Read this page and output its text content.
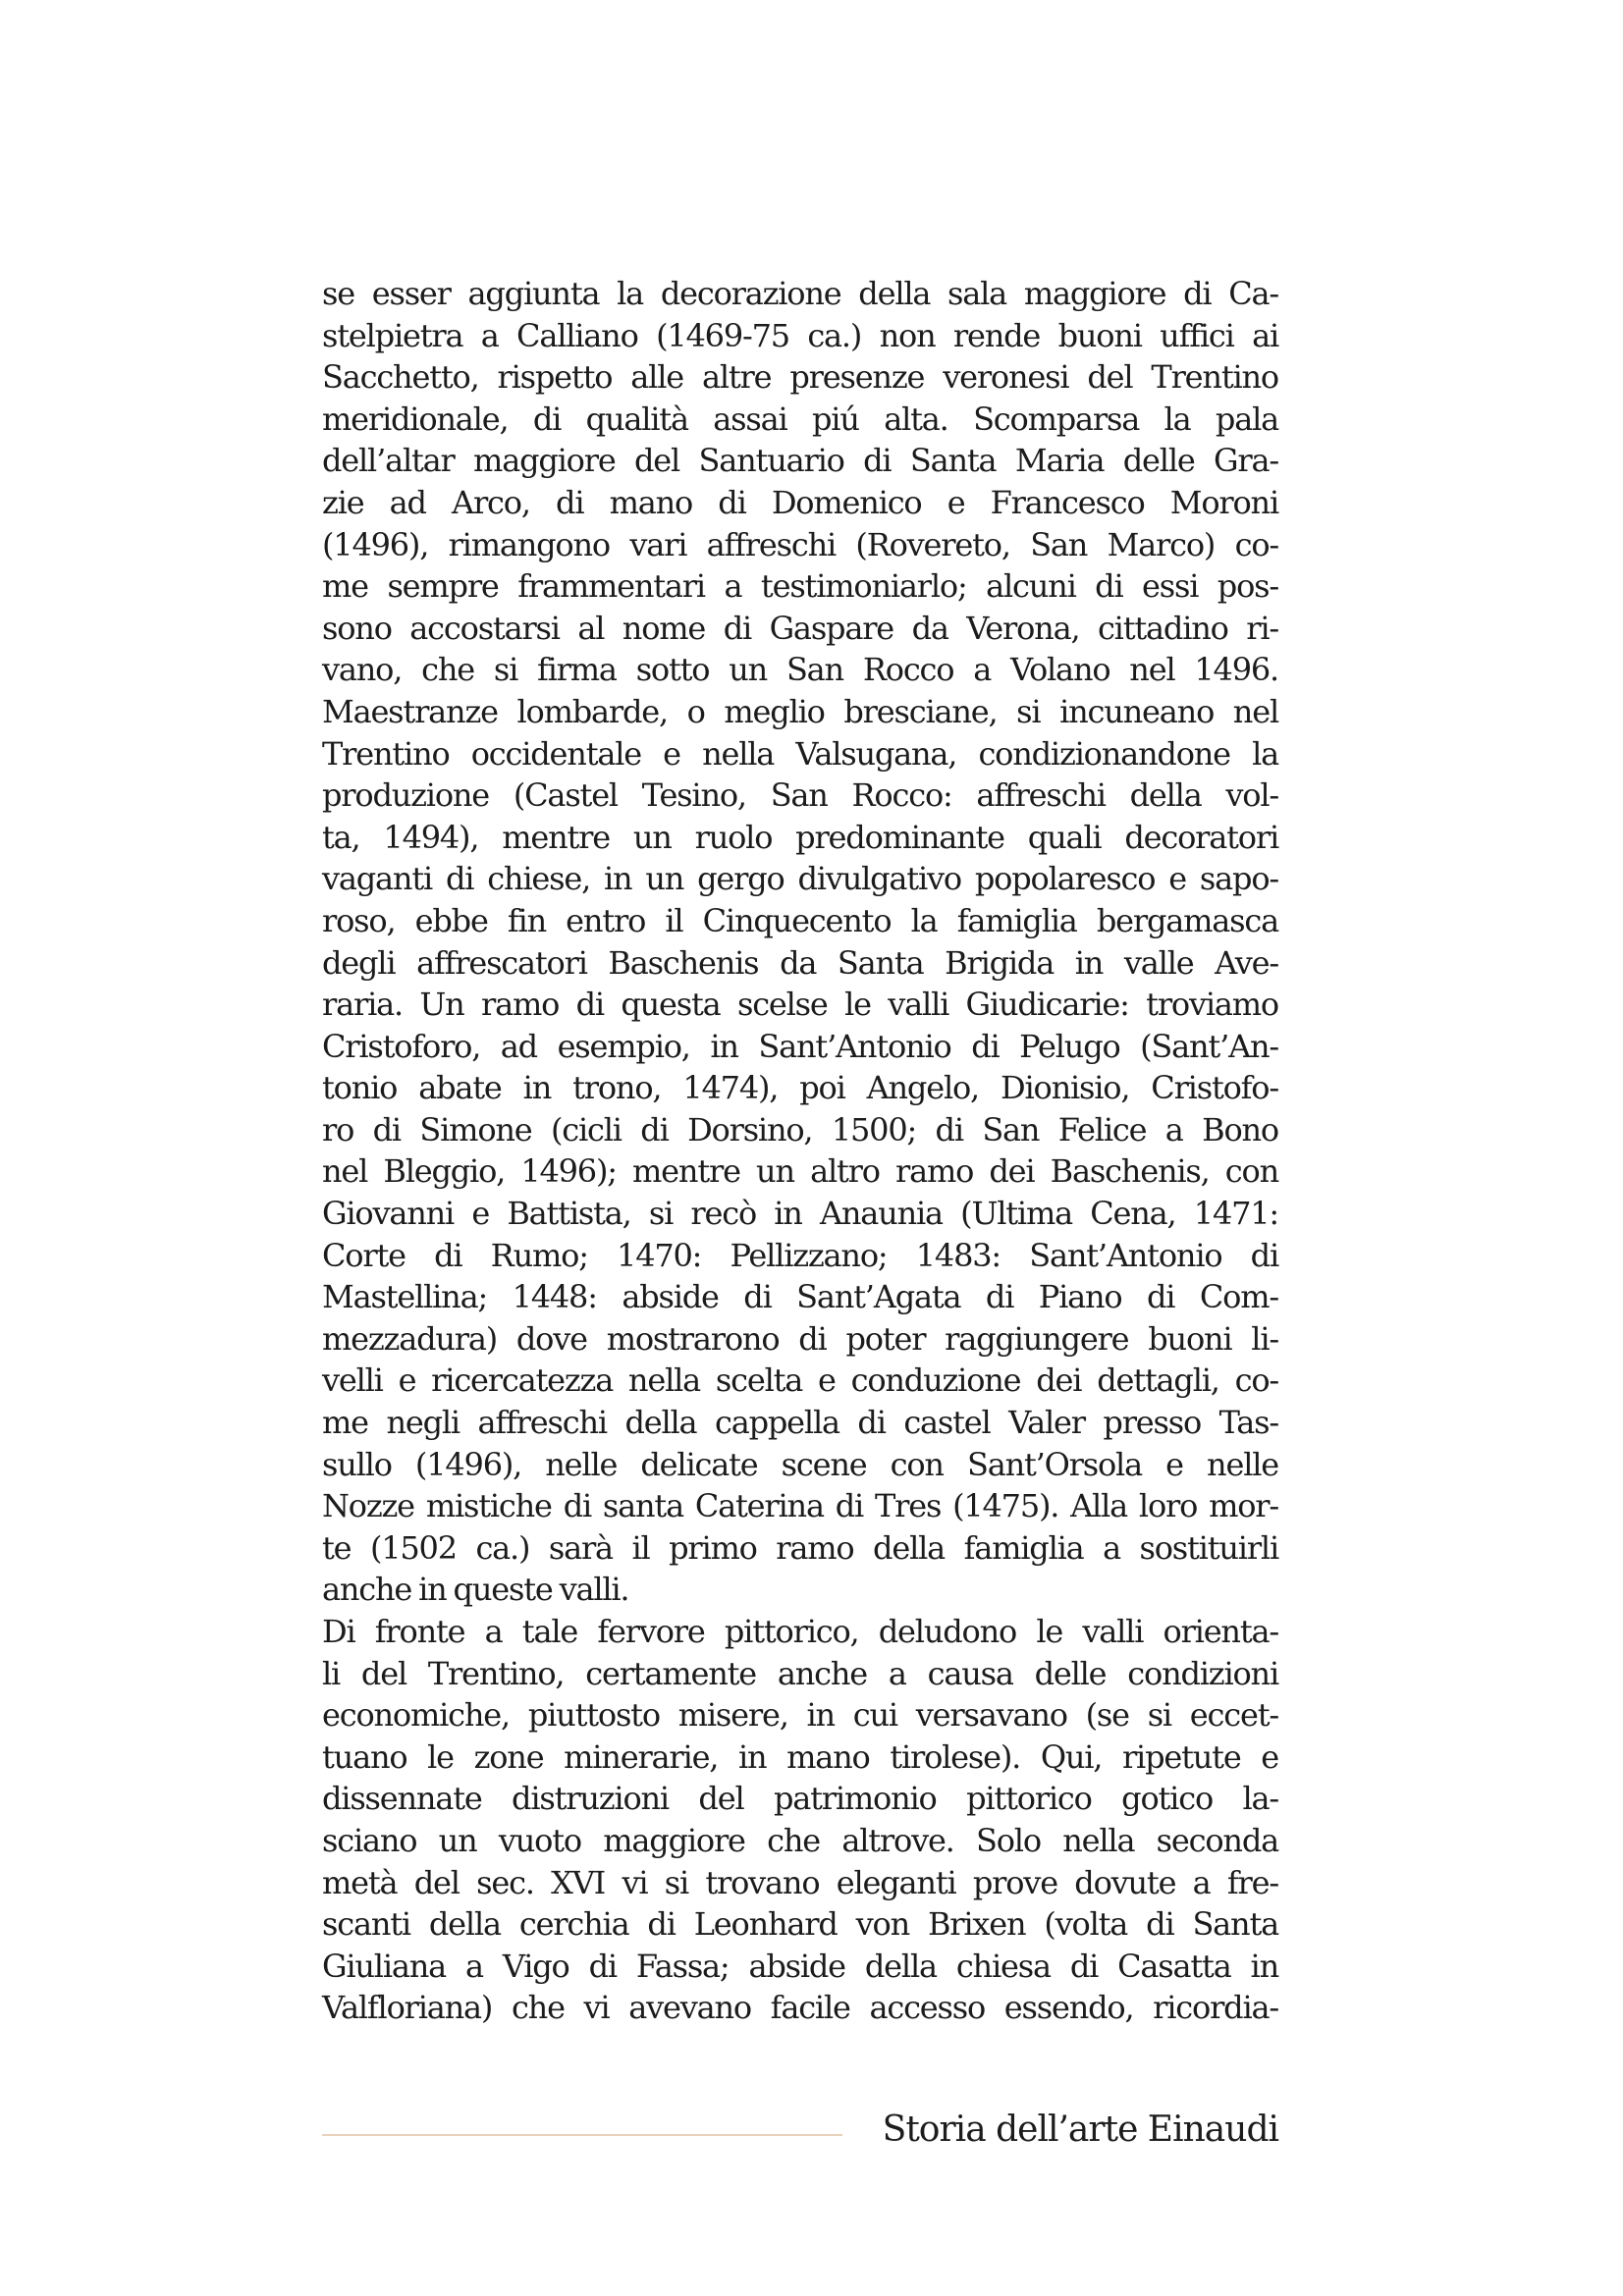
se esser aggiunta la decorazione della sala maggiore di Ca-
stelpietra a Calliano (1469-75 ca.) non rende buoni uffici ai
Sacchetto, rispetto alle altre presenze veronesi del Trentino
meridionale, di qualità assai piú alta. Scomparsa la pala
dell’altar maggiore del Santuario di Santa Maria delle Gra-
zie ad Arco, di mano di Domenico e Francesco Moroni
(1496), rimangono vari affreschi (Rovereto, San Marco) co-
me sempre frammentari a testimoniarlo; alcuni di essi pos-
sono accostarsi al nome di Gaspare da Verona, cittadino ri-
vano, che si firma sotto un San Rocco a Volano nel 1496.
Maestranze lombarde, o meglio bresciane, si incuneano nel
Trentino occidentale e nella Valsugana, condizionandone la
produzione (Castel Tesino, San Rocco: affreschi della vol-
ta, 1494), mentre un ruolo predominante quali decoratori
vaganti di chiese, in un gergo divulgativo popolaresco e sapo-
roso, ebbe fin entro il Cinquecento la famiglia bergamasca
degli affrescatori Baschenis da Santa Brigida in valle Ave-
raria. Un ramo di questa scelse le valli Giudicarie: troviamo
Cristoforo, ad esempio, in Sant’Antonio di Pelugo (Sant’An-
tonio abate in trono, 1474), poi Angelo, Dionisio, Cristofo-
ro di Simone (cicli di Dorsino, 1500; di San Felice a Bono
nel Bleggio, 1496); mentre un altro ramo dei Baschenis, con
Giovanni e Battista, si recò in Anaunia (Ultima Cena, 1471:
Corte di Rumo; 1470: Pellizzano; 1483: Sant’Antonio di
Mastellina; 1448: abside di Sant’Agata di Piano di Com-
mezzadura) dove mostrarono di poter raggiungere buoni li-
velli e ricercatezza nella scelta e conduzione dei dettagli, co-
me negli affreschi della cappella di castel Valer presso Tas-
sullo (1496), nelle delicate scene con Sant’Orsola e nelle
Nozze mistiche di santa Caterina di Tres (1475). Alla loro mor-
te (1502 ca.) sarà il primo ramo della famiglia a sostituirli
anche in queste valli.
Di fronte a tale fervore pittorico, deludono le valli orienta-
li del Trentino, certamente anche a causa delle condizioni
economiche, piuttosto misere, in cui versavano (se si eccet-
tuano le zone minerarie, in mano tirolese). Qui, ripetute e
dissennate distruzioni del patrimonio pittorico gotico la-
sciano un vuoto maggiore che altrove. Solo nella seconda
metà del sec. XVI vi si trovano eleganti prove dovute a fre-
scanti della cerchia di Leonhard von Brixen (volta di Santa
Giuliana a Vigo di Fassa; abside della chiesa di Casatta in
Valfloriana) che vi avevano facile accesso essendo, ricordia-
Storia dell’arte Einaudi
